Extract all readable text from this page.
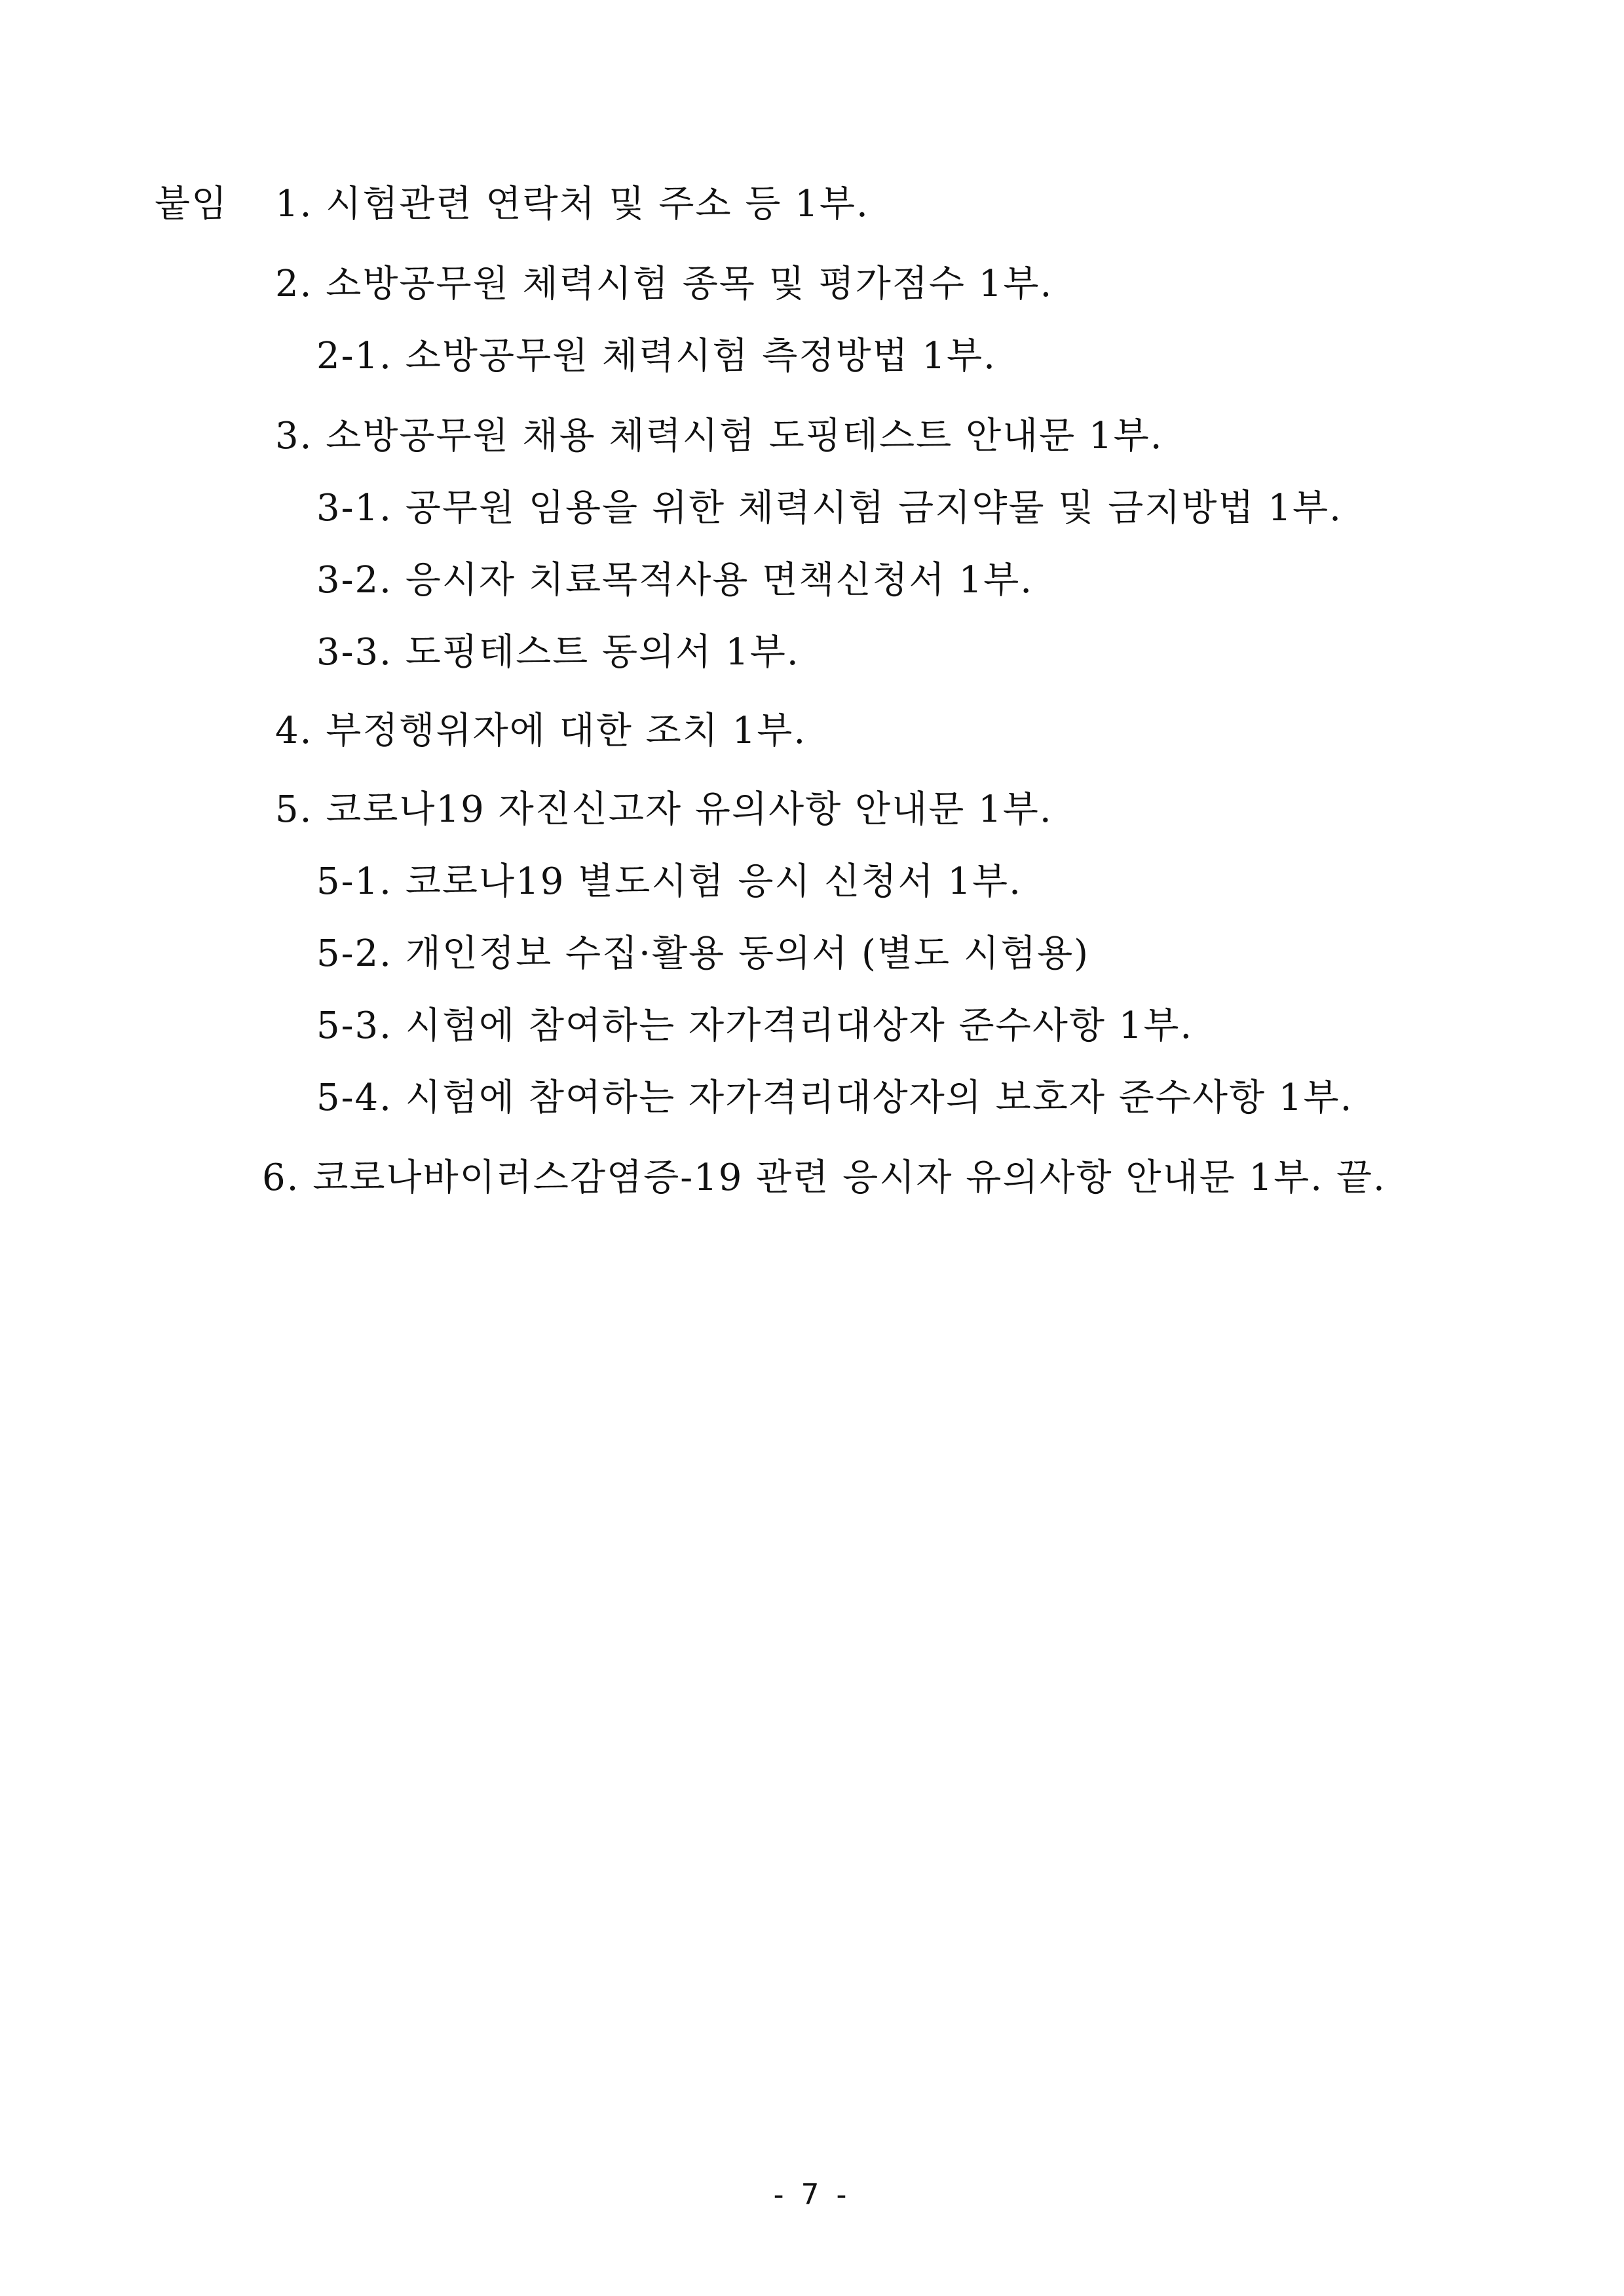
붙임 1. 시험관련 연락처 및 주소 등 1부.
2. 소방공무원 체력시험 종목 및 평가점수 1부.
2-1. 소방공무원 체력시험 측정방법 1부.
3. 소방공무원 채용 체력시험 도핑테스트 안내문 1부.
3-1. 공무원 임용을 위한 체력시험 금지약물 및 금지방법 1부.
3-2. 응시자 치료목적사용 면책신청서 1부.
3-3. 도핑테스트 동의서 1부.
4. 부정행위자에 대한 조치 1부.
5. 코로나19 자진신고자 유의사항 안내문 1부.
5-1. 코로나19 별도시험 응시 신청서 1부.
5-2. 개인정보 수집·활용 동의서 (별도 시험용)
5-3. 시험에 참여하는 자가격리대상자 준수사항 1부.
5-4. 시험에 참여하는 자가격리대상자의 보호자 준수사항 1부.
6. 코로나바이러스감염증-19 관련 응시자 유의사항 안내문 1부. 끝.
- 7 -
